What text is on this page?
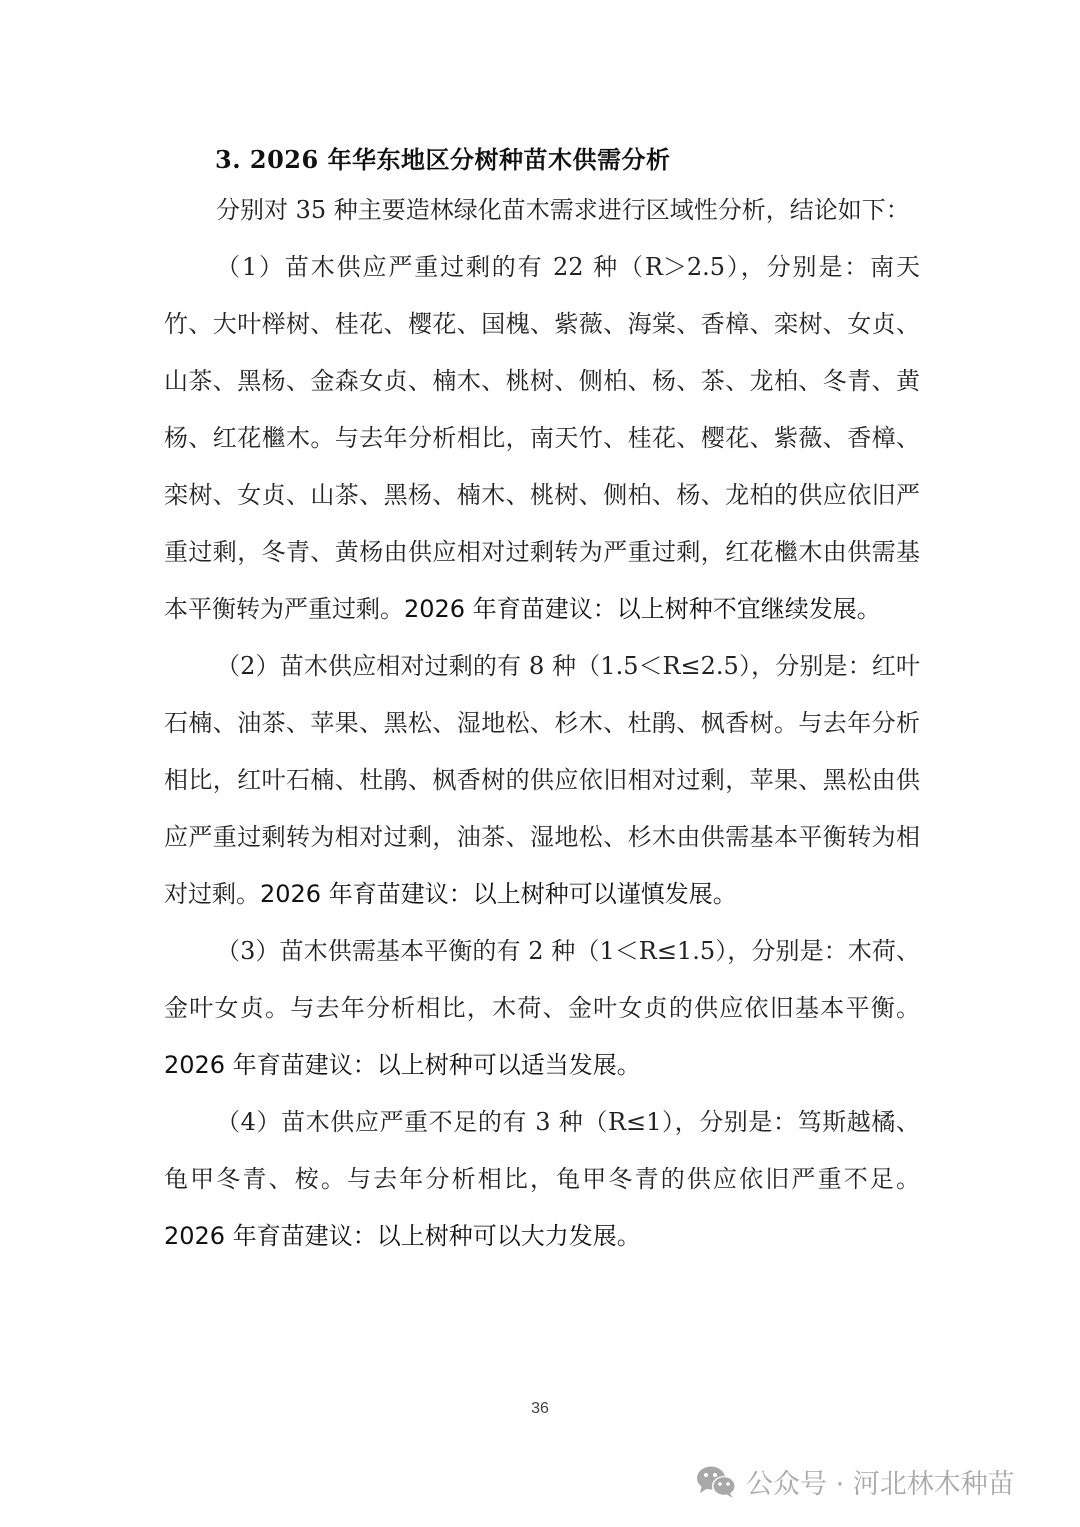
3. 2026 年华东地区分树种苗木供需分析

分别对 35 种主要造林绿化苗木需求进行区域性分析，结论如下：

（1）苗木供应严重过剩的有 22 种（R＞2.5），分别是：南天竹、大叶榉树、桂花、樱花、国槐、紫薇、海棠、香樟、栾树、女贞、山茶、黑杨、金森女贞、楠木、桃树、侧柏、杨、茶、龙柏、冬青、黄杨、红花檵木。与去年分析相比，南天竹、桂花、樱花、紫薇、香樟、栾树、女贞、山茶、黑杨、楠木、桃树、侧柏、杨、龙柏的供应依旧严重过剩，冬青、黄杨由供应相对过剩转为严重过剩，红花檵木由供需基本平衡转为严重过剩。2026 年育苗建议：以上树种不宜继续发展。

（2）苗木供应相对过剩的有 8 种（1.5＜R≤2.5），分别是：红叶石楠、油茶、苹果、黑松、湿地松、杉木、杜鹃、枫香树。与去年分析相比，红叶石楠、杜鹃、枫香树的供应依旧相对过剩，苹果、黑松由供应严重过剩转为相对过剩，油茶、湿地松、杉木由供需基本平衡转为相对过剩。2026 年育苗建议：以上树种可以谨慎发展。

（3）苗木供需基本平衡的有 2 种（1＜R≤1.5），分别是：木荷、金叶女贞。与去年分析相比，木荷、金叶女贞的供应依旧基本平衡。2026 年育苗建议：以上树种可以适当发展。

（4）苗木供应严重不足的有 3 种（R≤1），分别是：笃斯越橘、龟甲冬青、桉。与去年分析相比，龟甲冬青的供应依旧严重不足。2026 年育苗建议：以上树种可以大力发展。

36
公众号 · 河北林木种苗
